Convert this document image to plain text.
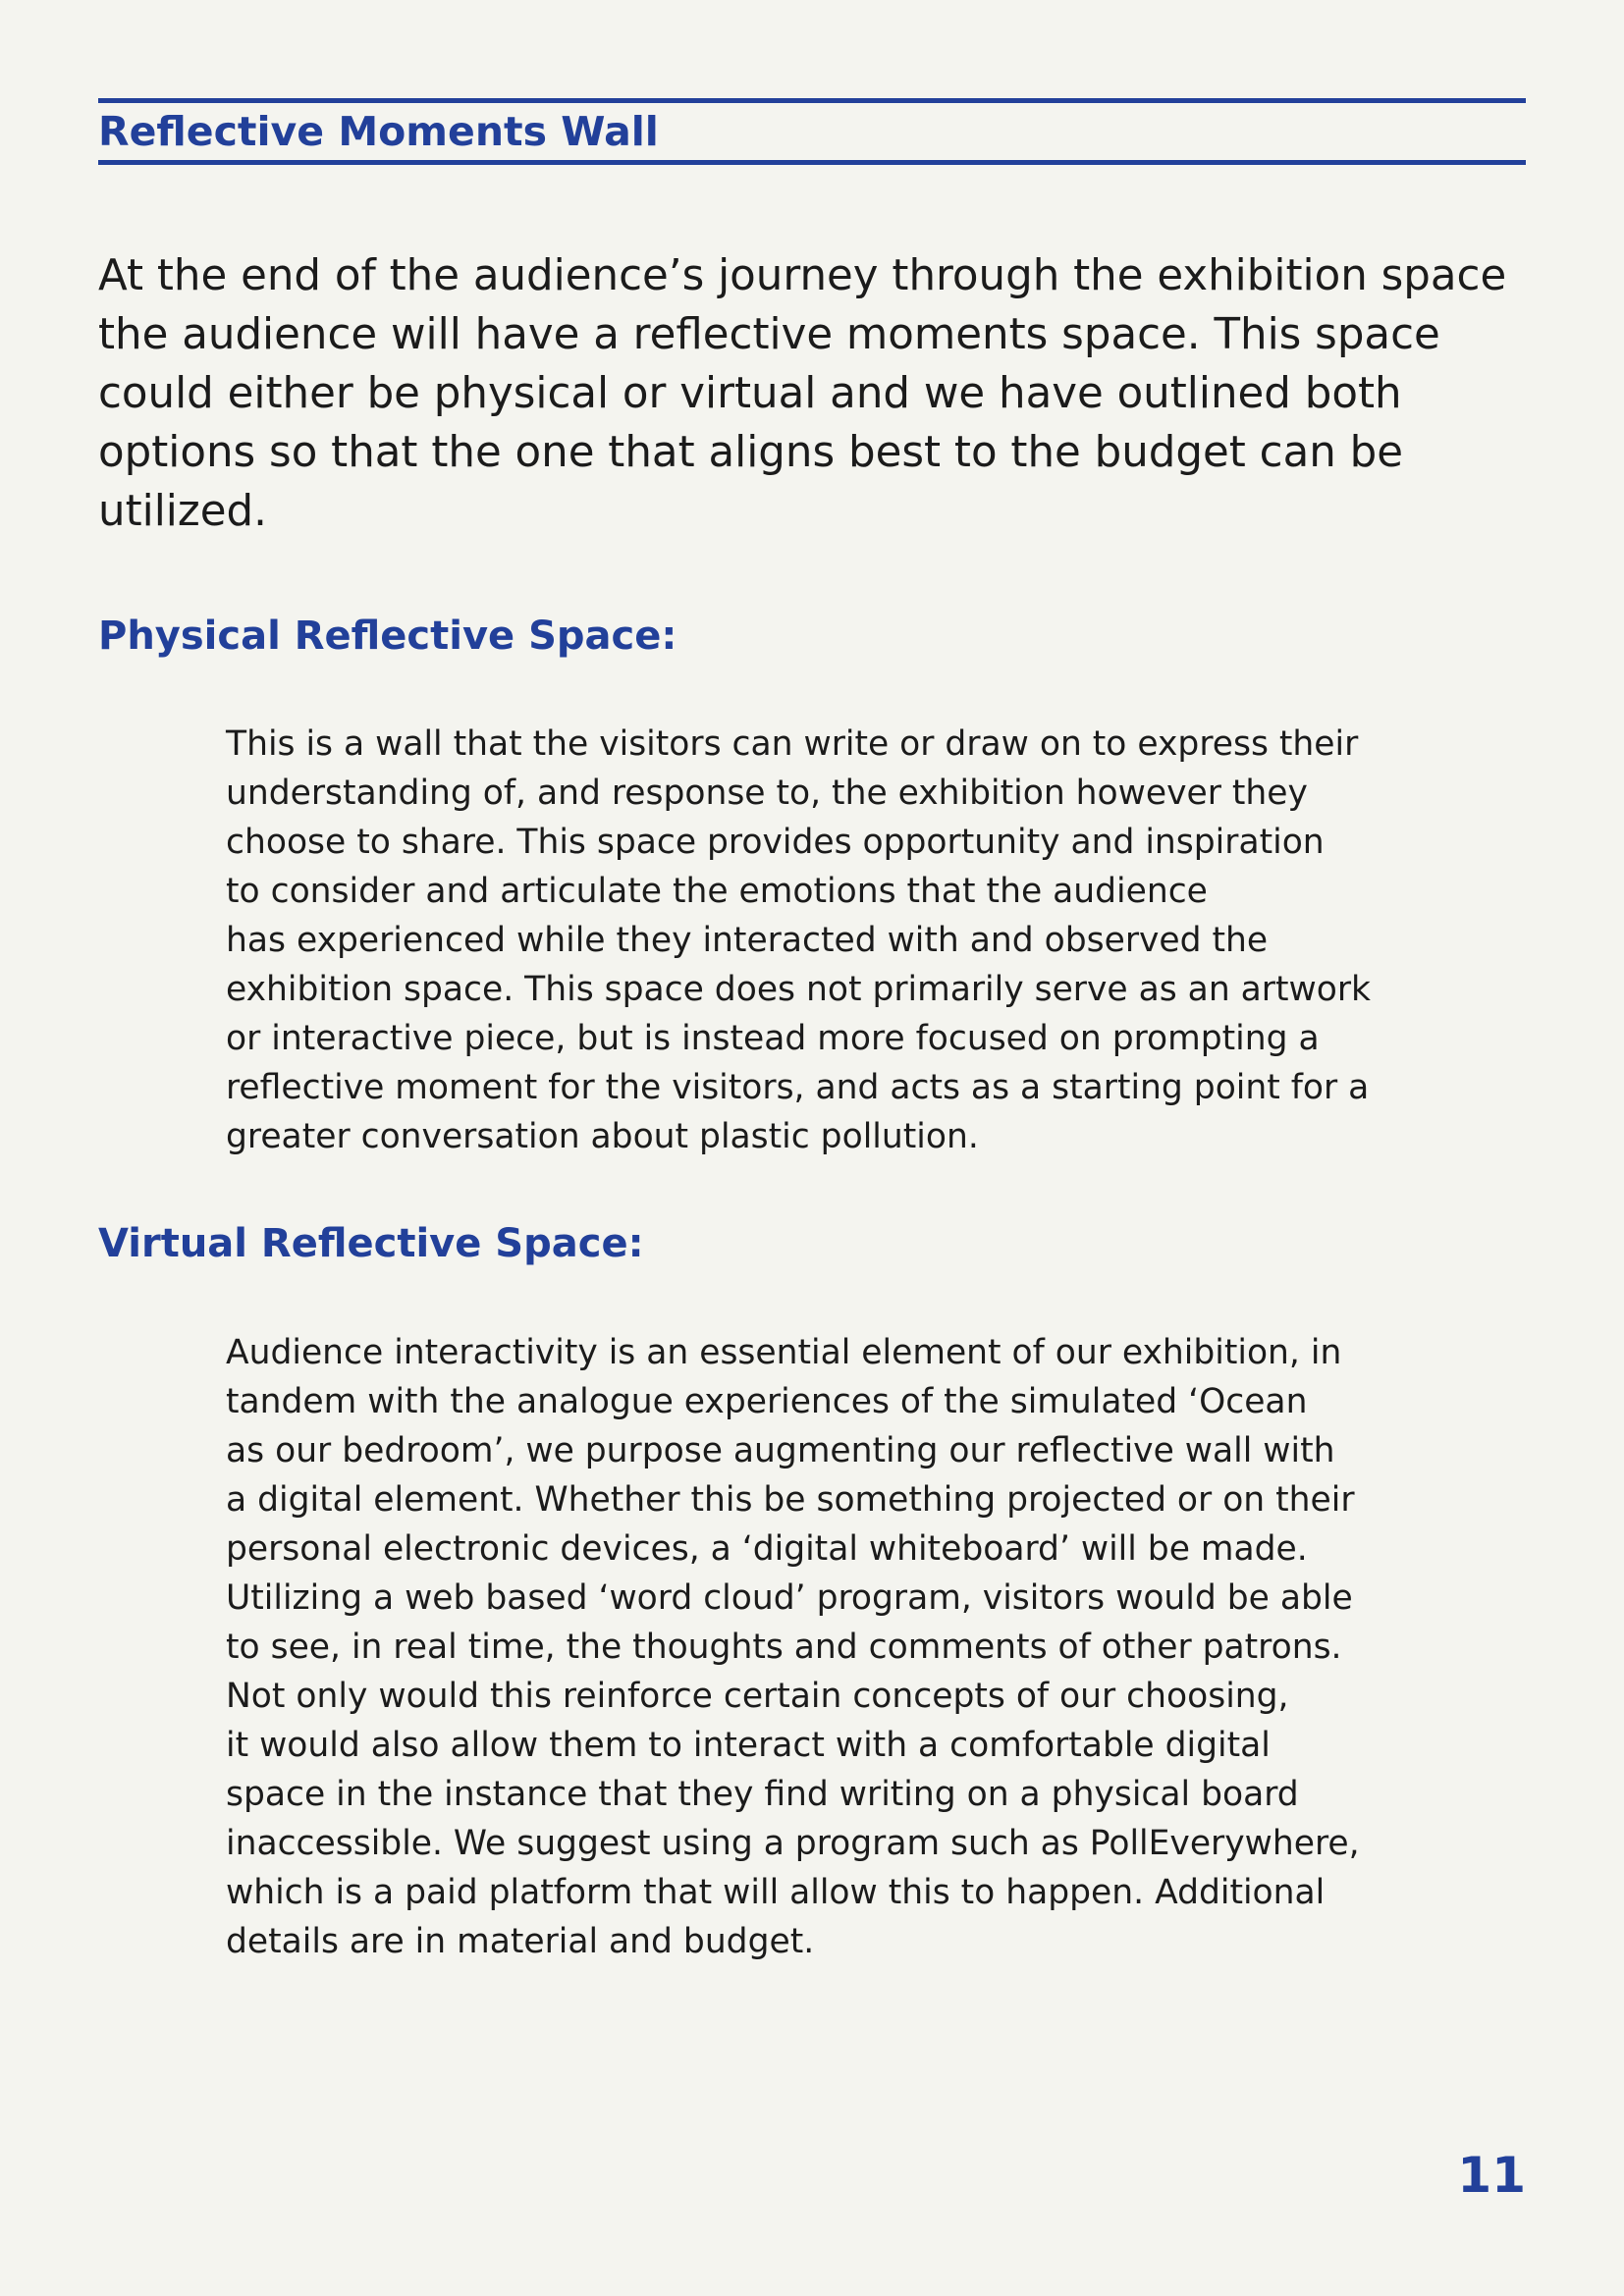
Reflective Moments Wall

At the end of the audience’s journey through the exhibition space
the audience will have a reflective moments space. This space
could either be physical or virtual and we have outlined both
options so that the one that aligns best to the budget can be
utilized.

Physical Reflective Space:

This is a wall that the visitors can write or draw on to express their
understanding of, and response to, the exhibition however they
choose to share. This space provides opportunity and inspiration
to consider and articulate the emotions that the audience
has experienced while they interacted with and observed the
exhibition space. This space does not primarily serve as an artwork
or interactive piece, but is instead more focused on prompting a
reflective moment for the visitors, and acts as a starting point for a
greater conversation about plastic pollution.

Virtual Reflective Space:

Audience interactivity is an essential element of our exhibition, in
tandem with the analogue experiences of the simulated ‘Ocean
as our bedroom’, we purpose augmenting our reflective wall with
a digital element. Whether this be something projected or on their
personal electronic devices, a ‘digital whiteboard’ will be made.
Utilizing a web based ‘word cloud’ program, visitors would be able
to see, in real time, the thoughts and comments of other patrons.
Not only would this reinforce certain concepts of our choosing,
it would also allow them to interact with a comfortable digital
space in the instance that they find writing on a physical board
inaccessible. We suggest using a program such as PollEverywhere,
which is a paid platform that will allow this to happen. Additional
details are in material and budget.

11
